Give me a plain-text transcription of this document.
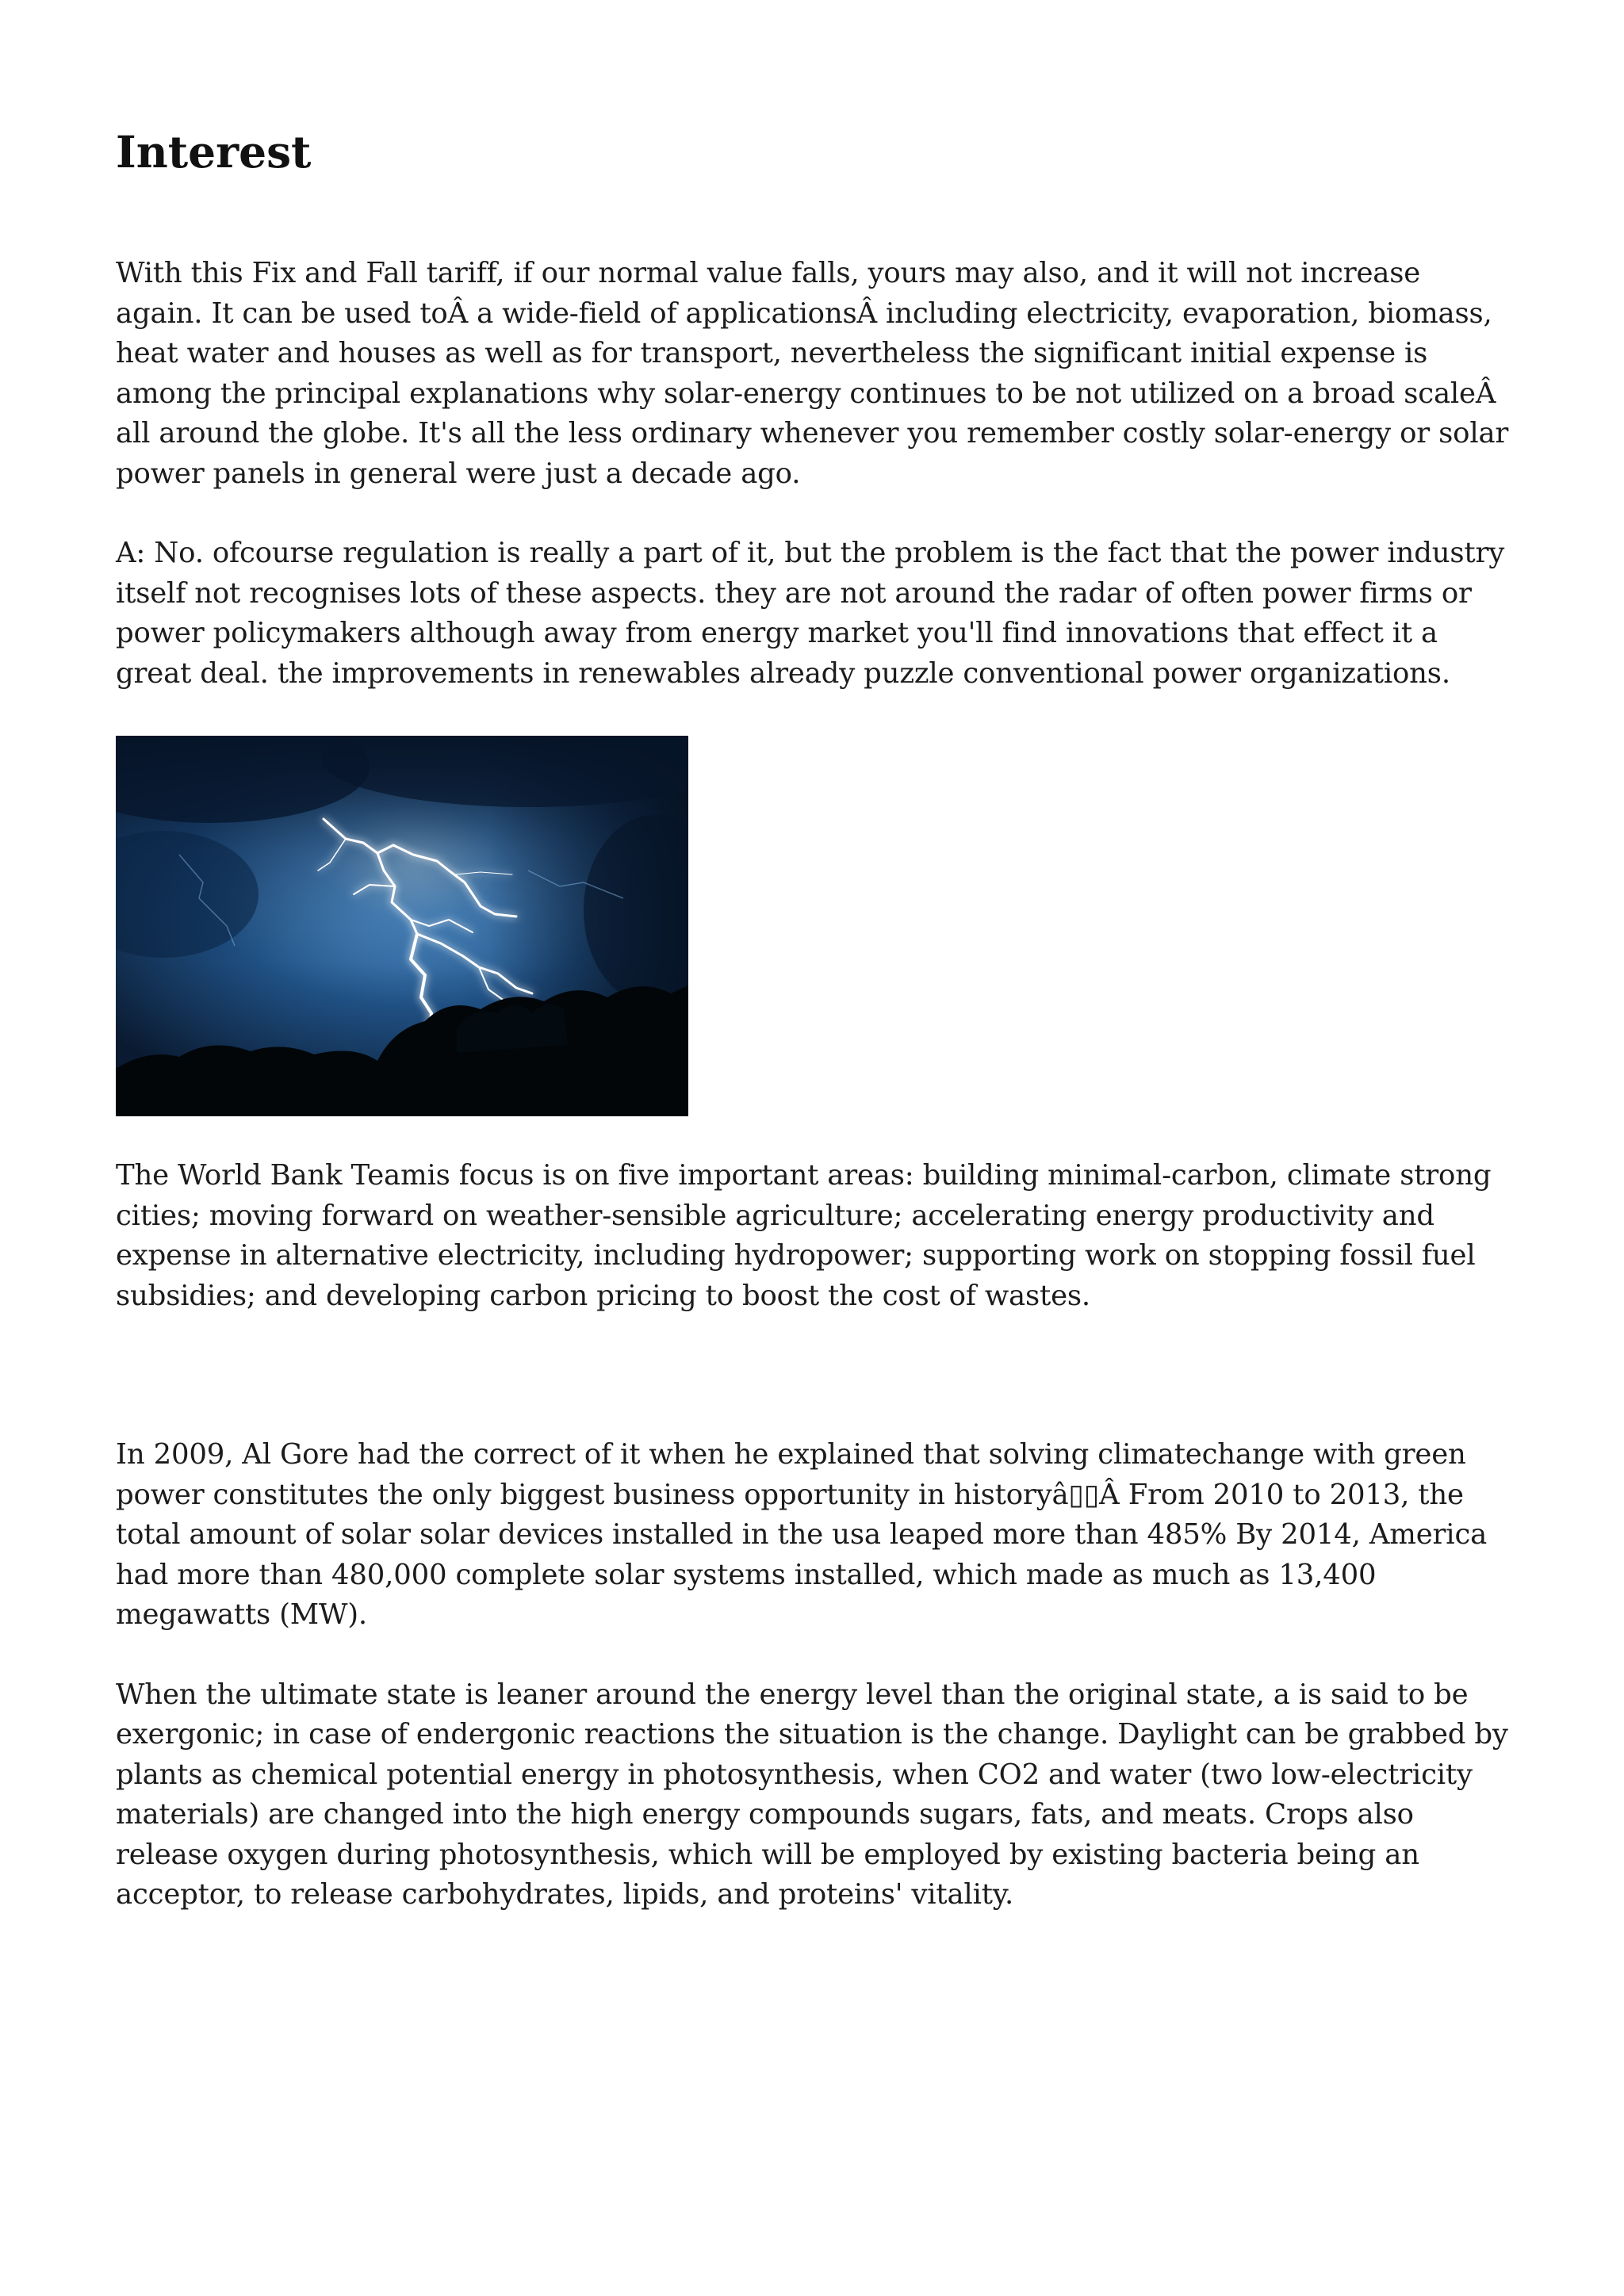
Interest

With this Fix and Fall tariff, if our normal value falls, yours may also, and it will not increase again. It can be used toÂ a wide-field of applicationsÂ including electricity, evaporation, biomass, heat water and houses as well as for transport, nevertheless the significant initial expense is among the principal explanations why solar-energy continues to be not utilized on a broad scaleÂ all around the globe. It's all the less ordinary whenever you remember costly solar-energy or solar power panels in general were just a decade ago.

A: No. ofcourse regulation is really a part of it, but the problem is the fact that the power industry itself not recognises lots of these aspects. they are not around the radar of often power firms or power policymakers although away from energy market you'll find innovations that effect it a great deal. the improvements in renewables already puzzle conventional power organizations.

The World Bank Teamis focus is on five important areas: building minimal-carbon, climate strong cities; moving forward on weather-sensible agriculture; accelerating energy productivity and expense in alternative electricity, including hydropower; supporting work on stopping fossil fuel subsidies; and developing carbon pricing to boost the cost of wastes.

In 2009, Al Gore had the correct of it when he explained that solving climatechange with green power constitutes the only biggest business opportunity in historyâ▯▯Â From 2010 to 2013, the total amount of solar solar devices installed in the usa leaped more than 485% By 2014, America had more than 480,000 complete solar systems installed, which made as much as 13,400 megawatts (MW).

When the ultimate state is leaner around the energy level than the original state, a is said to be exergonic; in case of endergonic reactions the situation is the change. Daylight can be grabbed by plants as chemical potential energy in photosynthesis, when CO2 and water (two low-electricity materials) are changed into the high energy compounds sugars, fats, and meats. Crops also release oxygen during photosynthesis, which will be employed by existing bacteria being an acceptor, to release carbohydrates, lipids, and proteins' vitality.
